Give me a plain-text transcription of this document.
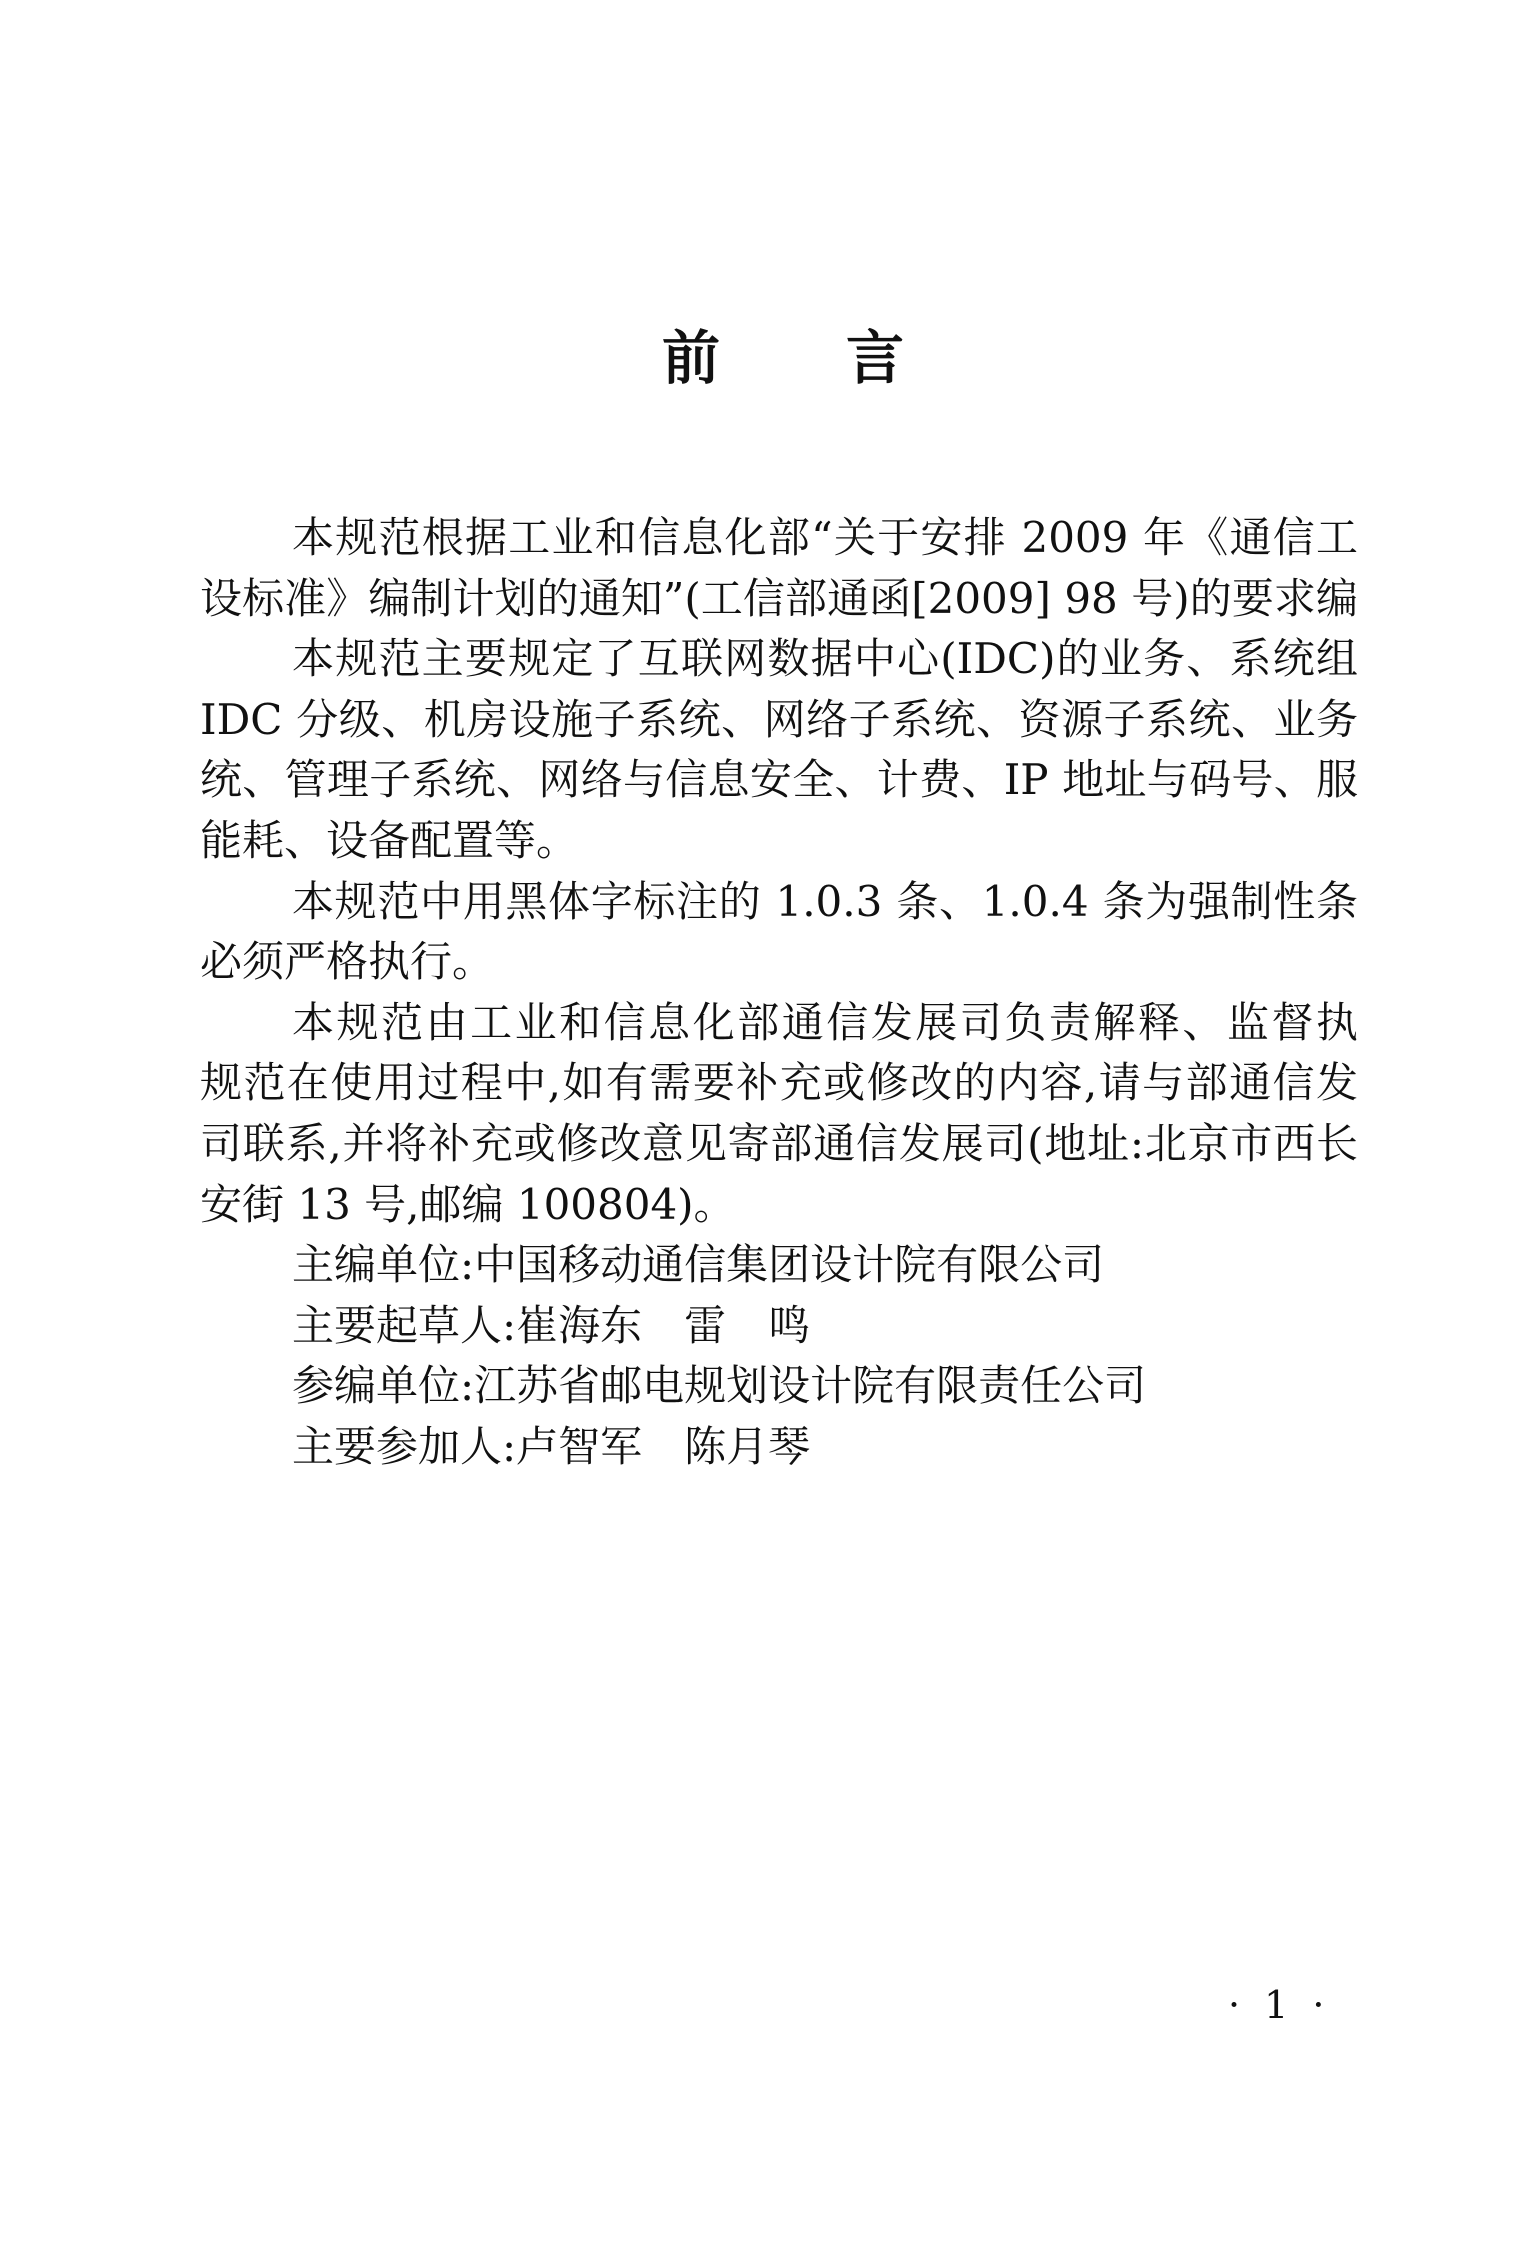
前 言
本规范根据工业和信息化部“关于安排 2009 年《通信工
设标准》编制计划的通知”(工信部通函[2009] 98 号)的要求编
本规范主要规定了互联网数据中心(IDC)的业务、系统组
IDC 分级、机房设施子系统、网络子系统、资源子系统、业务
统、管理子系统、网络与信息安全、计费、IP 地址与码号、服
能耗、设备配置等。
本规范中用黑体字标注的 1.0.3 条、1.0.4 条为强制性条
必须严格执行。
本规范由工业和信息化部通信发展司负责解释、监督执
规范在使用过程中,如有需要补充或修改的内容,请与部通信发
司联系,并将补充或修改意见寄部通信发展司(地址:北京市西长
安街 13 号,邮编 100804)。
主编单位:中国移动通信集团设计院有限公司
主要起草人:崔海东　雷　鸣
参编单位:江苏省邮电规划设计院有限责任公司
主要参加人:卢智军　陈月琴
· 1 ·
